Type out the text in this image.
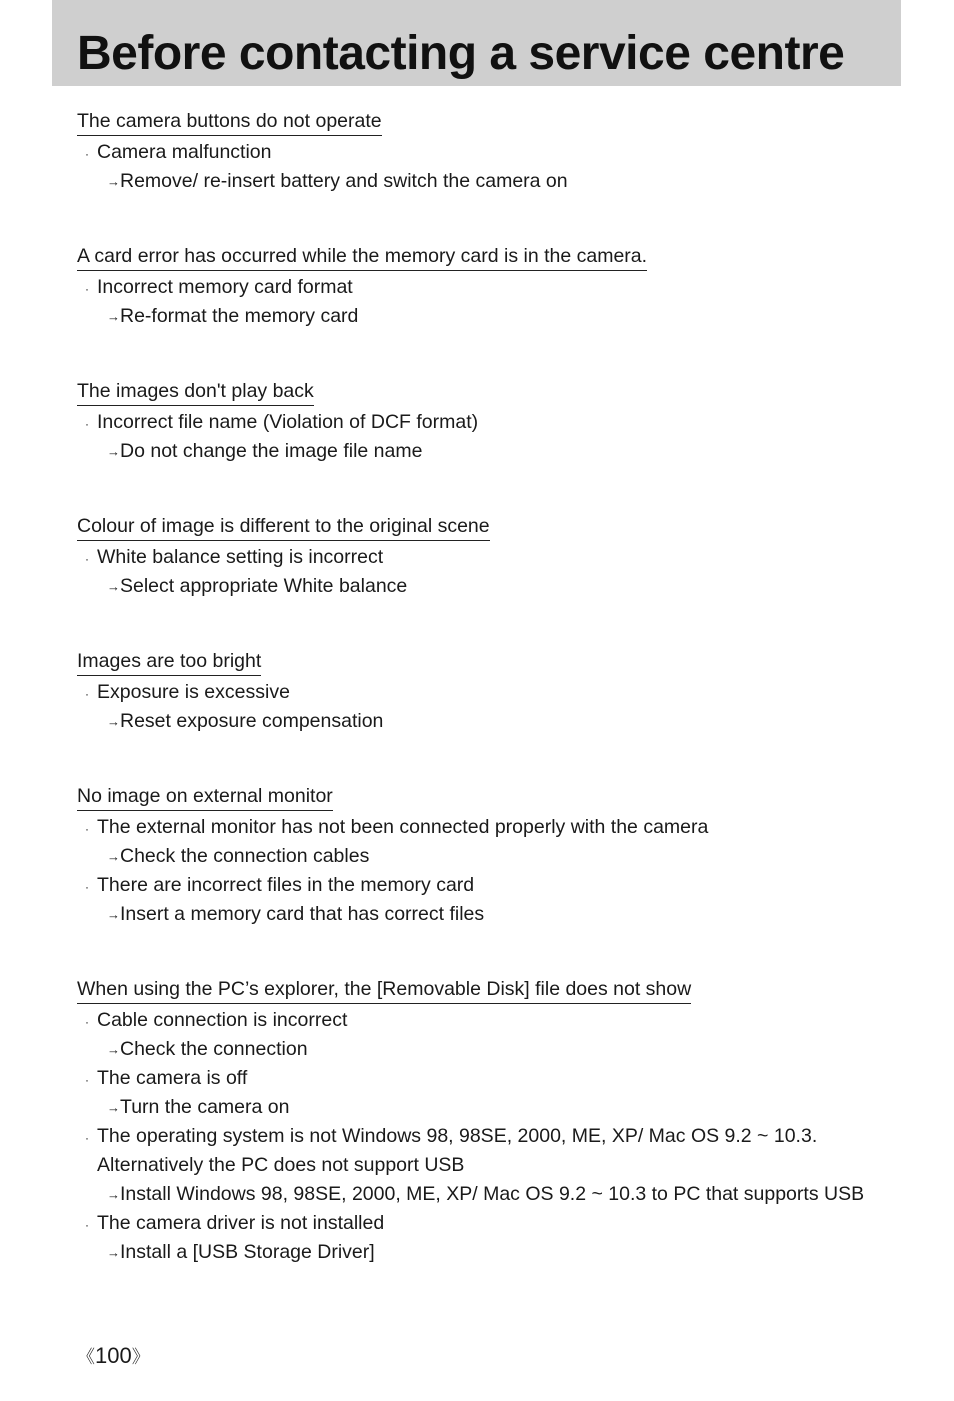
Before contacting a service centre
The camera buttons do not operate
· Camera malfunction
→Remove/ re-insert battery and switch the camera on
A card error has occurred while the memory card is in the camera.
· Incorrect memory card format
→Re-format the memory card
The images don't play back
· Incorrect file name (Violation of DCF format)
→Do not change the image file name
Colour of image is different to the original scene
· White balance setting is incorrect
→Select appropriate White balance
Images are too bright
· Exposure is excessive
→Reset exposure compensation
No image on external monitor
· The external monitor has not been connected properly with the camera
→Check the connection cables
· There are incorrect files in the memory card
→Insert a memory card that has correct files
When using the PC’s explorer, the [Removable Disk] file does not show
· Cable connection is incorrect
→Check the connection
· The camera is off
→Turn the camera on
· The operating system is not Windows 98, 98SE, 2000, ME, XP/ Mac OS 9.2 ~ 10.3.
Alternatively the PC does not support USB
→Install Windows 98, 98SE, 2000, ME, XP/ Mac OS 9.2 ~ 10.3 to PC that supports USB
· The camera driver is not installed
→Install a [USB Storage Driver]
《100》
